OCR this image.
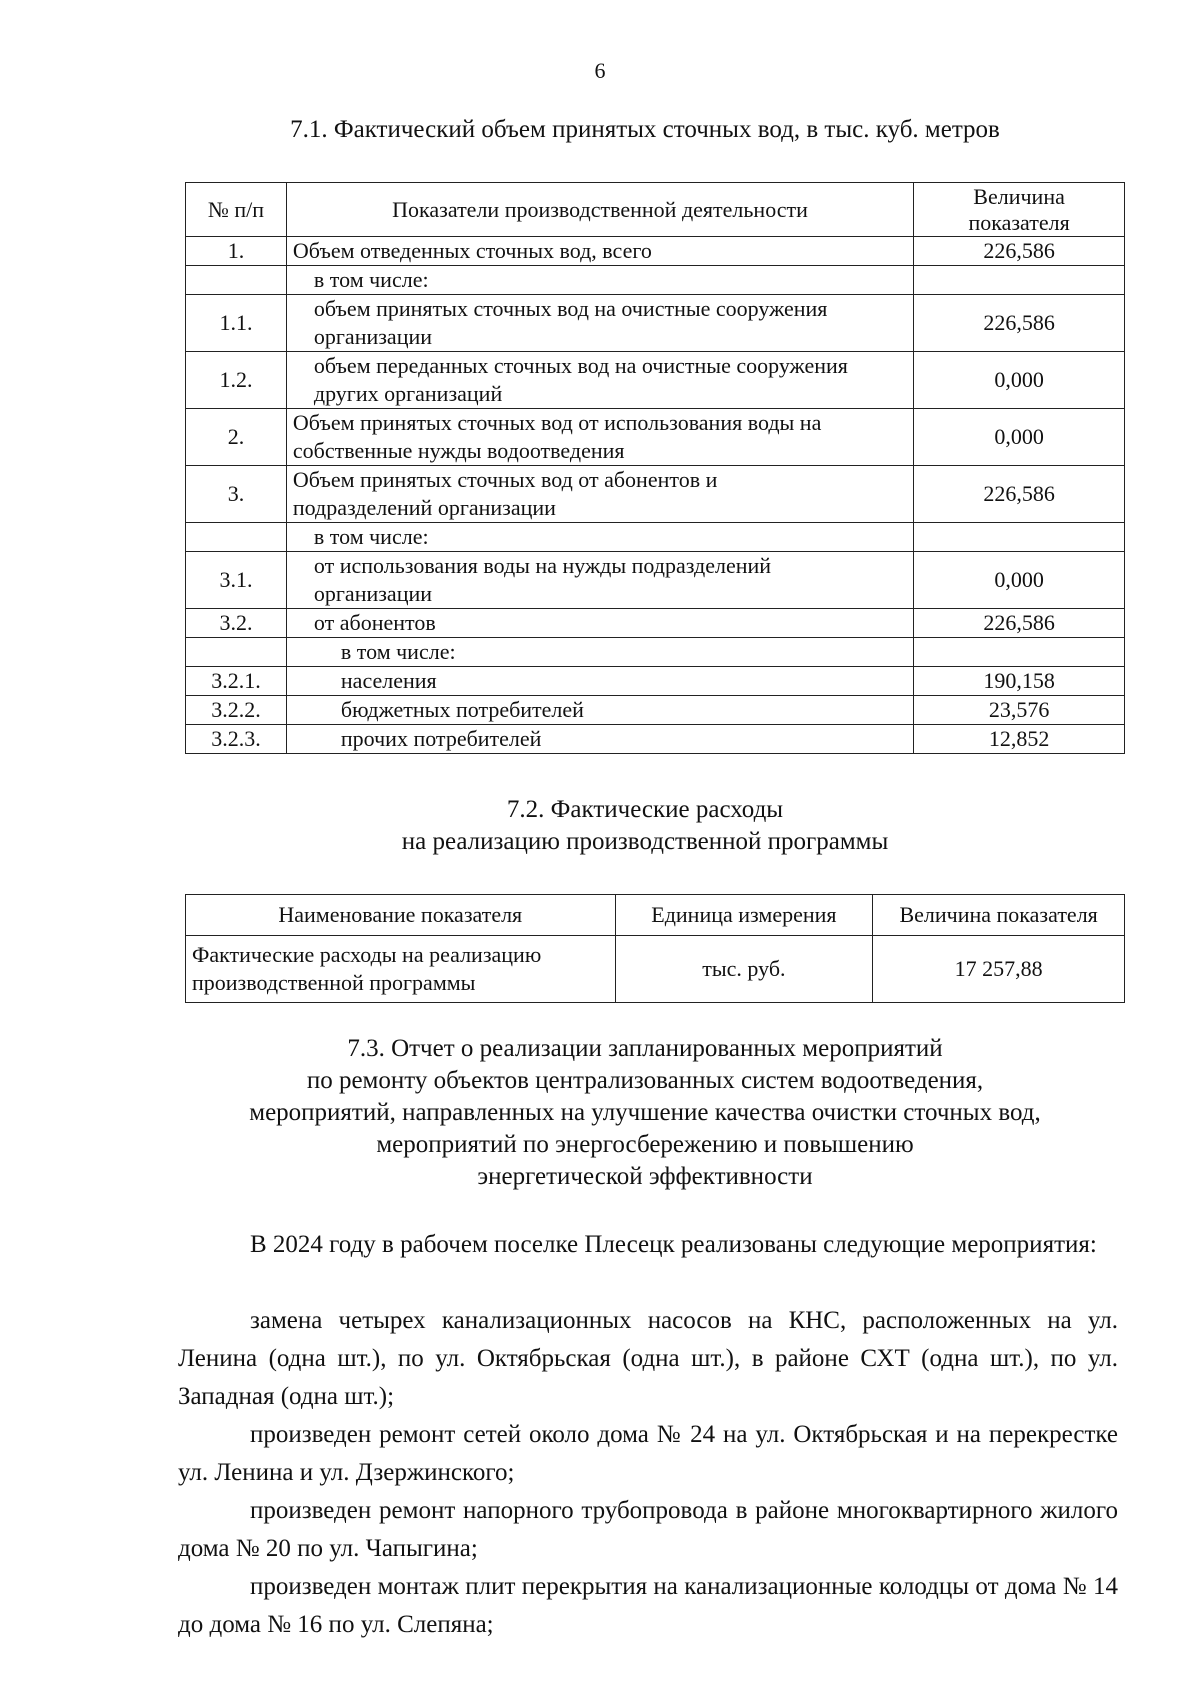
6
7.1. Фактический объем принятых сточных вод, в тыс. куб. метров
№ п/п	Показатели производственной деятельности	Величина показателя
1.	Объем отведенных сточных вод, всего	226,586
	в том числе:	
1.1.	объем принятых сточных вод на очистные сооружения организации	226,586
1.2.	объем переданных сточных вод на очистные сооружения других организаций	0,000
2.	Объем принятых сточных вод от использования воды на собственные нужды водоотведения	0,000
3.	Объем принятых сточных вод от абонентов и подразделений организации	226,586
	в том числе:	
3.1.	от использования воды на нужды подразделений организации	0,000
3.2.	от абонентов	226,586
	в том числе:	
3.2.1.	населения	190,158
3.2.2.	бюджетных потребителей	23,576
3.2.3.	прочих потребителей	12,852
7.2. Фактические расходы
на реализацию производственной программы
Наименование показателя	Единица измерения	Величина показателя
Фактические расходы на реализацию производственной программы	тыс. руб.	17 257,88
7.3. Отчет о реализации запланированных мероприятий
по ремонту объектов централизованных систем водоотведения,
мероприятий, направленных на улучшение качества очистки сточных вод,
мероприятий по энергосбережению и повышению
энергетической эффективности
В 2024 году в рабочем поселке Плесецк реализованы следующие мероприятия:
замена четырех канализационных насосов на КНС, расположенных на ул. Ленина (одна шт.), по ул. Октябрьская (одна шт.), в районе СХТ (одна шт.), по ул. Западная (одна шт.);
произведен ремонт сетей около дома № 24 на ул. Октябрьская и на перекрестке ул. Ленина и ул. Дзержинского;
произведен ремонт напорного трубопровода в районе многоквартирного жилого дома № 20 по ул. Чапыгина;
произведен монтаж плит перекрытия на канализационные колодцы от дома № 14 до дома № 16 по ул. Слепяна;
